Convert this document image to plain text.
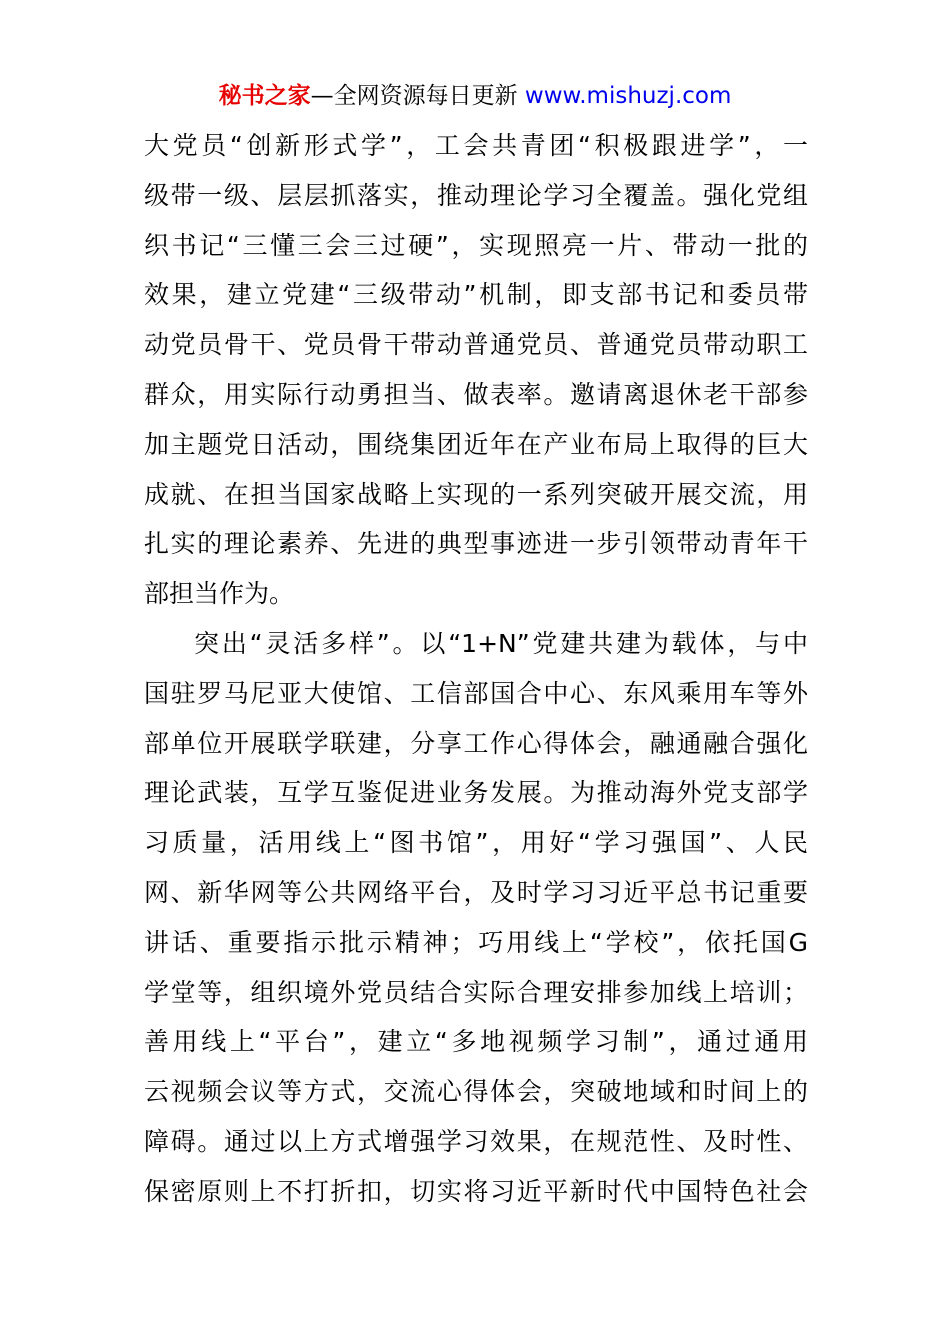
秘书之家—全网资源每日更新 www.mishuzj.com
大党员“创新形式学”，工会共青团“积极跟进学”，一
级带一级、层层抓落实，推动理论学习全覆盖。强化党组
织书记“三懂三会三过硬”，实现照亮一片、带动一批的
效果，建立党建“三级带动”机制，即支部书记和委员带
动党员骨干、党员骨干带动普通党员、普通党员带动职工
群众，用实际行动勇担当、做表率。邀请离退休老干部参
加主题党日活动，围绕集团近年在产业布局上取得的巨大
成就、在担当国家战略上实现的一系列突破开展交流，用
扎实的理论素养、先进的典型事迹进一步引领带动青年干
部担当作为。
突出“灵活多样”。以“1+N”党建共建为载体，与中
国驻罗马尼亚大使馆、工信部国合中心、东风乘用车等外
部单位开展联学联建，分享工作心得体会，融通融合强化
理论武装，互学互鉴促进业务发展。为推动海外党支部学
习质量，活用线上“图书馆”，用好“学习强国”、人民
网、新华网等公共网络平台，及时学习习近平总书记重要
讲话、重要指示批示精神；巧用线上“学校”，依托国G
学堂等，组织境外党员结合实际合理安排参加线上培训；
善用线上“平台”，建立“多地视频学习制”，通过通用
云视频会议等方式，交流心得体会，突破地域和时间上的
障碍。通过以上方式增强学习效果，在规范性、及时性、
保密原则上不打折扣，切实将习近平新时代中国特色社会
